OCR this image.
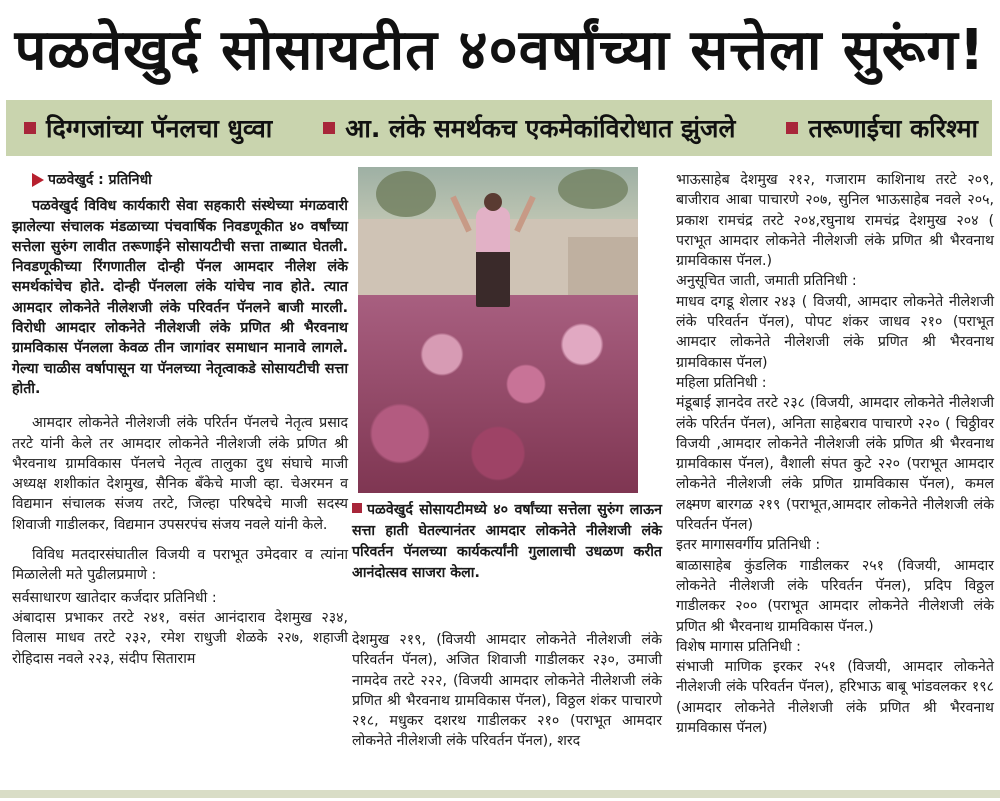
पळवेखुर्द सोसायटीत ४०वर्षांच्या सत्तेला सुरूंग!
दिग्गजांच्या पॅनलचा धुव्वा	आ. लंके समर्थकच एकमेकांविरोधात झुंजले	तरूणाईचा करिश्मा
पळवेखुर्द : प्रतिनिधी

पळवेखुर्द विविध कार्यकारी सेवा सहकारी संस्थेच्या मंगळवारी झालेल्या संचालक मंडळाच्या पंचवार्षिक निवडणूकीत ४० वर्षांच्या सत्तेला सुरुंग लावीत तरूणाईने सोसायटीची सत्ता ताब्यात घेतली. निवडणूकीच्या रिंगणातील दोन्ही पॅनल आमदार नीलेश लंके समर्थकांचेच होते. दोन्ही पॅनलला लंके यांचेच नाव होते. त्यात आमदार लोकनेते नीलेशजी लंके परिवर्तन पॅनलने बाजी मारली. विरोधी आमदार लोकनेते नीलेशजी लंके प्रणित श्री भैरवनाथ ग्रामविकास पॅनलला केवळ तीन जागांवर समाधान मानावे लागले. गेल्या चाळीस वर्षापासून या पॅनलच्या नेतृत्वाकडे सोसायटीची सत्ता होती.

आमदार लोकनेते नीलेशजी लंके परिर्तन पॅनलचे नेतृत्व प्रसाद तरटे यांनी केले तर आमदार लोकनेते नीलेशजी लंके प्रणित श्री भैरवनाथ ग्रामविकास पॅनलचे नेतृत्व तालुका दुध संघाचे माजी अध्यक्ष शशीकांत देशमुख, सैनिक बँकेचे माजी व्हा. चेअरमन व विद्यमान संचालक संजय तरटे, जिल्हा परिषदेचे माजी सदस्य शिवाजी गाडीलकर, विद्यमान उपसरपंच संजय नवले यांनी केले.

विविध मतदारसंघातील विजयी व पराभूत उमेदवार व त्यांना मिळालेली मते पुढीलप्रमाणे :

सर्वसाधारण खातेदार कर्जदार प्रतिनिधी :

अंबादास प्रभाकर तरटे २४१, वसंत आनंदाराव देशमुख २३४, विलास माधव तरटे २३२, रमेश राधुजी शेळके २२७, शहाजी रोहिदास नवले २२३, संदीप सिताराम

पळवेखुर्द सोसायटीमध्ये ४० वर्षांच्या सत्तेला सुरुंग लाऊन सत्ता हाती घेतल्यानंतर आमदार लोकनेते नीलेशजी लंके परिवर्तन पॅनलच्या कार्यकर्त्यांनी गुलालाची उधळण करीत आनंदोत्सव साजरा केला.

देशमुख २१९, (विजयी आमदार लोकनेते नीलेशजी लंके परिवर्तन पॅनल), अजित शिवाजी गाडीलकर २३०, उमाजी नामदेव तरटे २२२, (विजयी आमदार लोकनेते नीलेशजी लंके प्रणित श्री भैरवनाथ ग्रामविकास पॅनल), विठ्ठल शंकर पाचारणे २१८, मधुकर दशरथ गाडीलकर २१० (पराभूत आमदार लोकनेते नीलेशजी लंके परिवर्तन पॅनल), शरद

भाऊसाहेब देशमुख २१२, गजाराम काशिनाथ तरटे २०९, बाजीराव आबा पाचारणे २०७, सुनिल भाऊसाहेब नवले २०५, प्रकाश रामचंद्र तरटे २०४,रघुनाथ रामचंद्र देशमुख २०४ ( पराभूत आमदार लोकनेते नीलेशजी लंके प्रणित श्री भैरवनाथ ग्रामविकास पॅनल.)

अनुसूचित जाती, जमाती प्रतिनिधी :

माधव दगडू शेलार २४३ ( विजयी, आमदार लोकनेते नीलेशजी लंके परिवर्तन पॅनल), पोपट शंकर जाधव २१० (पराभूत आमदार लोकनेते नीलेशजी लंके प्रणित श्री भैरवनाथ ग्रामविकास पॅनल)

महिला प्रतिनिधी :

मंडूबाई ज्ञानदेव तरटे २३८ (विजयी, आमदार लोकनेते नीलेशजी लंके परिर्तन पॅनल), अनिता साहेबराव पाचारणे २२० ( चिठ्ठीवर विजयी ,आमदार लोकनेते नीलेशजी लंके प्रणित श्री भैरवनाथ ग्रामविकास पॅनल), वैशाली संपत कुटे २२० (पराभूत आमदार लोकनेते नीलेशजी लंके प्रणित ग्रामविकास पॅनल), कमल लक्ष्मण बारगळ २१९ (पराभूत,आमदार लोकनेते नीलेशजी लंके परिवर्तन पॅनल)

इतर मागासवर्गीय प्रतिनिधी :

बाळासाहेब कुंडलिक गाडीलकर २५१ (विजयी, आमदार लोकनेते नीलेशजी लंके परिवर्तन पॅनल), प्रदिप विठ्ठल गाडीलकर २०० (पराभूत आमदार लोकनेते नीलेशजी लंके प्रणित श्री भैरवनाथ ग्रामविकास पॅनल.)

विशेष मागास प्रतिनिधी :

संभाजी माणिक इरकर २५१ (विजयी, आमदार लोकनेते नीलेशजी लंके परिवर्तन पॅनल), हरिभाऊ बाबू भांडवलकर १९८ (आमदार लोकनेते नीलेशजी लंके प्रणित श्री भैरवनाथ ग्रामविकास पॅनल)
